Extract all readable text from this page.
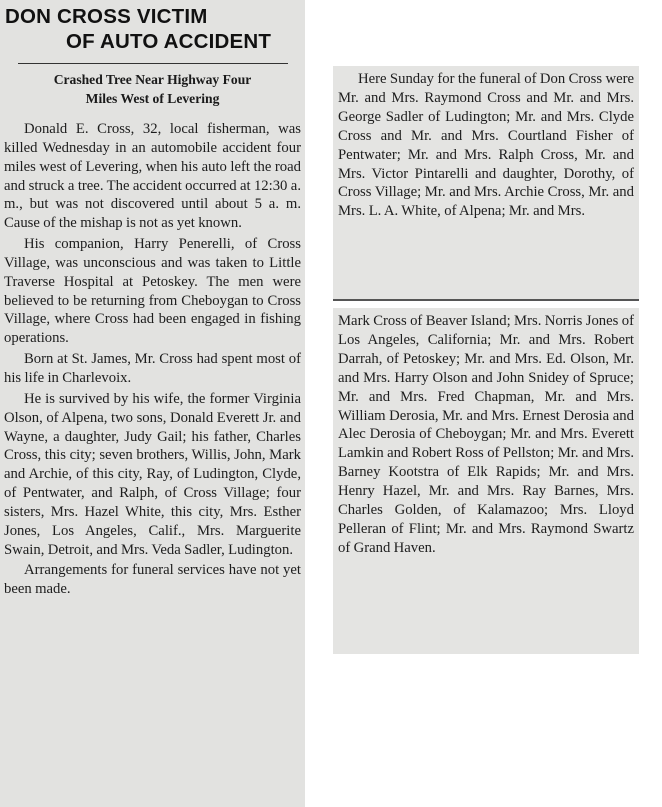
DON CROSS VICTIM
OF AUTO ACCIDENT
Crashed Tree Near Highway Four
Miles West of Levering

Donald E. Cross, 32, local fisherman, was killed Wednesday in an automobile accident four miles west of Levering, when his auto left the road and struck a tree. The accident occurred at 12:30 a. m., but was not discovered until about 5 a. m. Cause of the mishap is not as yet known.

His companion, Harry Penerelli, of Cross Village, was unconscious and was taken to Little Traverse Hospital at Petoskey. The men were believed to be returning from Cheboygan to Cross Village, where Cross had been engaged in fishing operations.

Born at St. James, Mr. Cross had spent most of his life in Charlevoix.

He is survived by his wife, the former Virginia Olson, of Alpena, two sons, Donald Everett Jr. and Wayne, a daughter, Judy Gail; his father, Charles Cross, this city; seven brothers, Willis, John, Mark and Archie, of this city, Ray, of Ludington, Clyde, of Pentwater, and Ralph, of Cross Village; four sisters, Mrs. Hazel White, this city, Mrs. Esther Jones, Los Angeles, Calif., Mrs. Marguerite Swain, Detroit, and Mrs. Veda Sadler, Ludington.

Arrangements for funeral services have not yet been made.

Here Sunday for the funeral of Don Cross were Mr. and Mrs. Raymond Cross and Mr. and Mrs. George Sadler of Ludington; Mr. and Mrs. Clyde Cross and Mr. and Mrs. Courtland Fisher of Pentwater; Mr. and Mrs. Ralph Cross, Mr. and Mrs. Victor Pintarelli and daughter, Dorothy, of Cross Village; Mr. and Mrs. Archie Cross, Mr. and Mrs. L. A. White, of Alpena; Mr. and Mrs.

Mark Cross of Beaver Island; Mrs. Norris Jones of Los Angeles, California; Mr. and Mrs. Robert Darrah, of Petoskey; Mr. and Mrs. Ed. Olson, Mr. and Mrs. Harry Olson and John Snidey of Spruce; Mr. and Mrs. Fred Chapman, Mr. and Mrs. William Derosia, Mr. and Mrs. Ernest Derosia and Alec Derosia of Cheboygan; Mr. and Mrs. Everett Lamkin and Robert Ross of Pellston; Mr. and Mrs. Barney Kootstra of Elk Rapids; Mr. and Mrs. Henry Hazel, Mr. and Mrs. Ray Barnes, Mrs. Charles Golden, of Kalamazoo; Mrs. Lloyd Pelleran of Flint; Mr. and Mrs. Raymond Swartz of Grand Haven.
